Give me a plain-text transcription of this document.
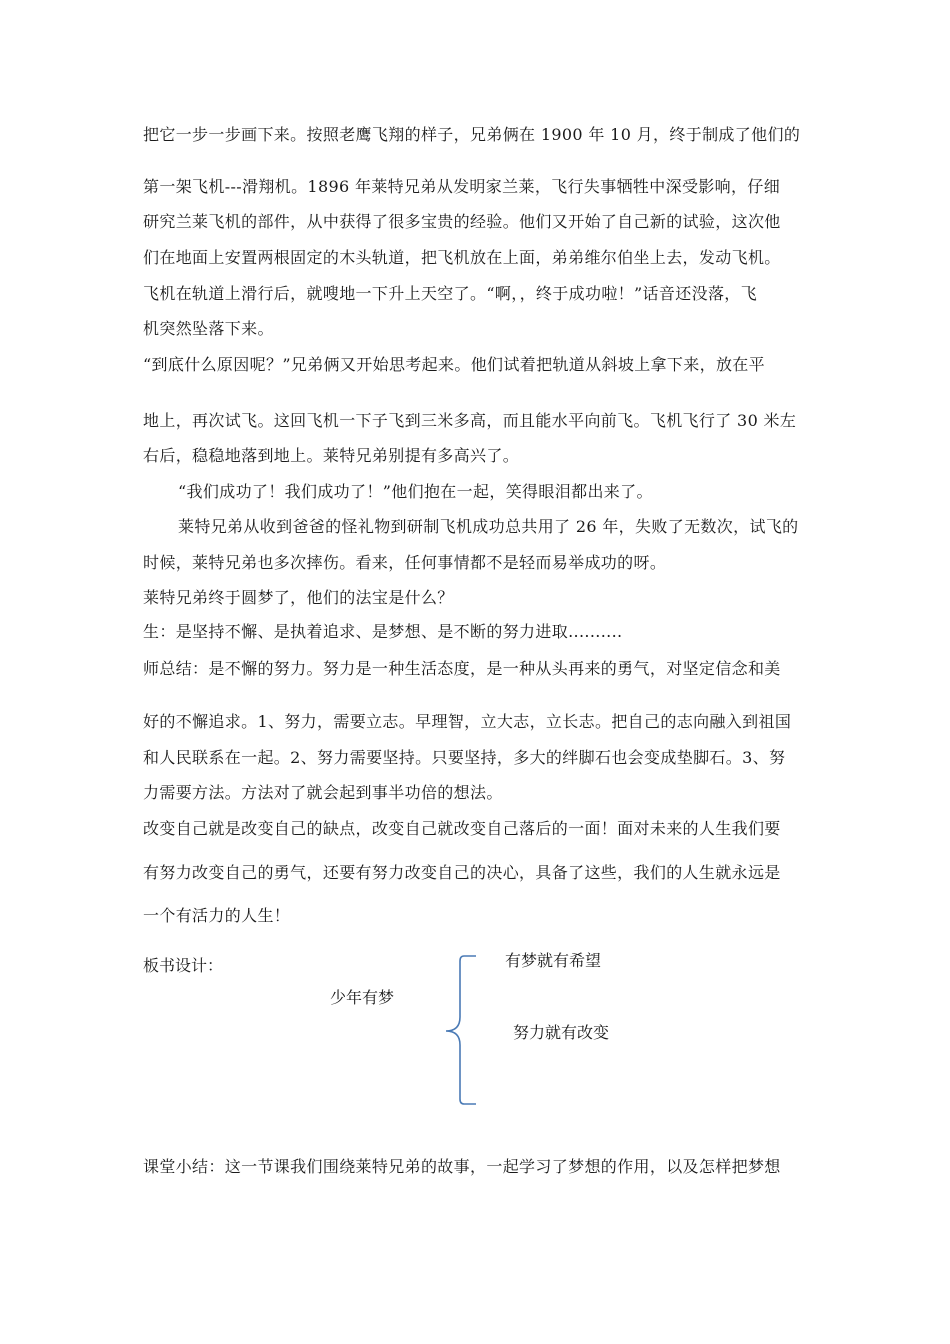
把它一步一步画下来。按照老鹰飞翔的样子，兄弟俩在 1900 年 10 月，终于制成了他们的
第一架飞机---滑翔机。1896 年莱特兄弟从发明家兰莱，飞行失事牺牲中深受影响，仔细
研究兰莱飞机的部件，从中获得了很多宝贵的经验。他们又开始了自己新的试验，这次他
们在地面上安置两根固定的木头轨道，把飞机放在上面，弟弟维尔伯坐上去，发动飞机。
飞机在轨道上滑行后，就嗖地一下升上天空了。“啊，，终于成功啦！”话音还没落，飞
机突然坠落下来。
“到底什么原因呢？”兄弟俩又开始思考起来。他们试着把轨道从斜坡上拿下来，放在平
地上，再次试飞。这回飞机一下子飞到三米多高，而且能水平向前飞。飞机飞行了 30 米左
右后，稳稳地落到地上。莱特兄弟别提有多高兴了。
“我们成功了！我们成功了！”他们抱在一起，笑得眼泪都出来了。
莱特兄弟从收到爸爸的怪礼物到研制飞机成功总共用了 26 年，失败了无数次，试飞的
时候，莱特兄弟也多次摔伤。看来，任何事情都不是轻而易举成功的呀。
莱特兄弟终于圆梦了，他们的法宝是什么？
生：是坚持不懈、是执着追求、是梦想、是不断的努力进取..........
师总结：是不懈的努力。努力是一种生活态度，是一种从头再来的勇气，对坚定信念和美
好的不懈追求。1、努力，需要立志。早理智，立大志，立长志。把自己的志向融入到祖国
和人民联系在一起。2、努力需要坚持。只要坚持，多大的绊脚石也会变成垫脚石。3、努
力需要方法。方法对了就会起到事半功倍的想法。
改变自己就是改变自己的缺点，改变自己就改变自己落后的一面！面对未来的人生我们要
有努力改变自己的勇气，还要有努力改变自己的决心，具备了这些，我们的人生就永远是
一个有活力的人生！
板书设计：
少年有梦
有梦就有希望
努力就有改变
课堂小结：这一节课我们围绕莱特兄弟的故事，一起学习了梦想的作用，以及怎样把梦想
